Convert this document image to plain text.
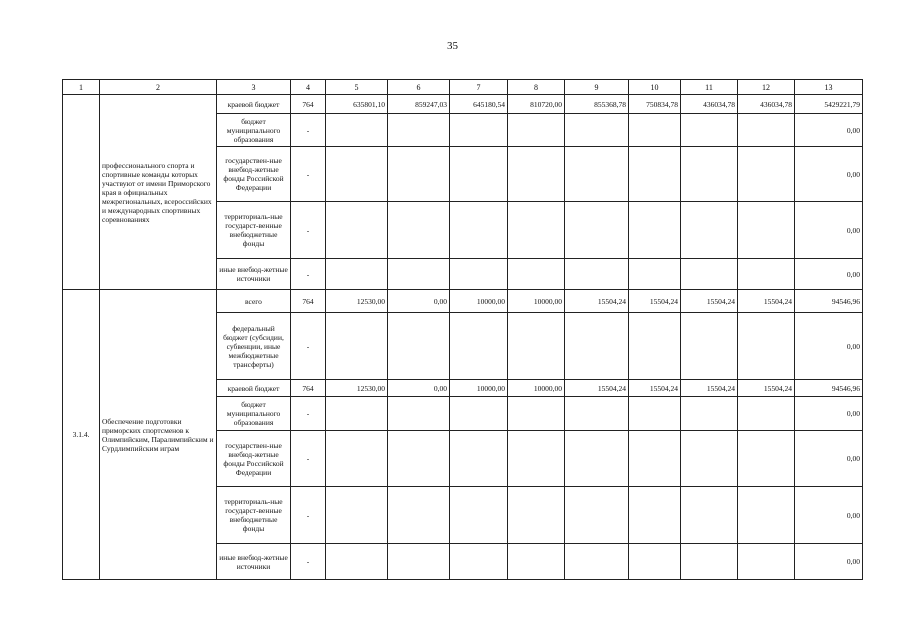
35
1	2	3	4	5	6	7	8	9	10	11	12	13
	профессионального спорта и спортивные команды которых участвуют от имени Приморского края в официальных межрегиональных, всероссийских и международных спортивных соревнованиях	краевой бюджет	764	635801,10	859247,03	645180,54	810720,00	855368,78	750834,78	436034,78	436034,78	5429221,79
		бюджет муниципального образования	-									0,00
		государствен-ные внебюд-жетные фонды Российской Федерации	-									0,00
		территориаль-ные государст-венные внебюджетные фонды	-									0,00
		иные внебюд-жетные источники	-									0,00
3.1.4.	Обеспечение подготовки приморских спортсменов к Олимпийским, Паралимпийским и Сурдлимпийским играм	всего	764	12530,00	0,00	10000,00	10000,00	15504,24	15504,24	15504,24	15504,24	94546,96
		федеральный бюджет (субсидии, субвенции, иные межбюджетные трансферты)	-									0,00
		краевой бюджет	764	12530,00	0,00	10000,00	10000,00	15504,24	15504,24	15504,24	15504,24	94546,96
		бюджет муниципального образования	-									0,00
		государствен-ные внебюд-жетные фонды Российской Федерации	-									0,00
		территориаль-ные государст-венные внебюджетные фонды	-									0,00
		иные внебюд-жетные источники	-									0,00
